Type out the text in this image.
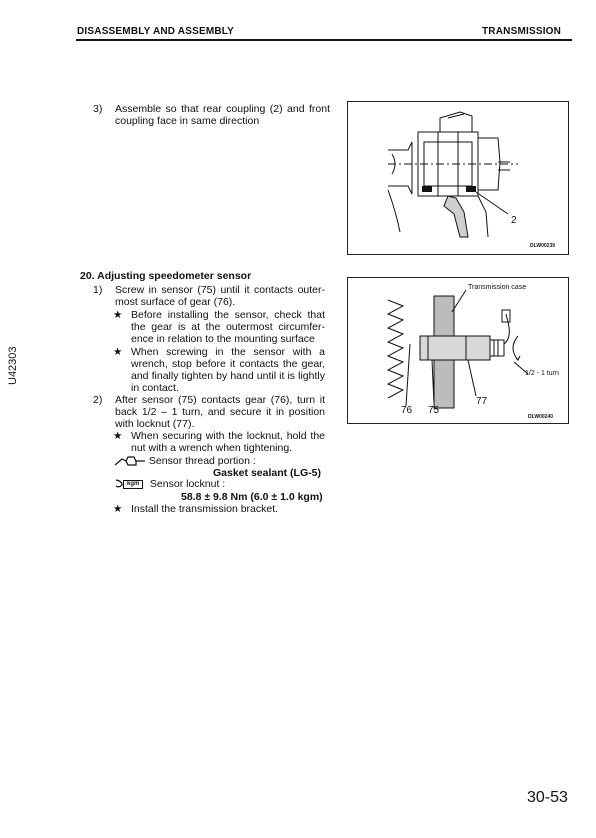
DISASSEMBLY AND ASSEMBLY	TRANSMISSION
U42303
3) Assemble so that rear coupling (2) and front coupling face in same direction
2
DLW00239
20. Adjusting speedometer sensor
1) Screw in sensor (75) until it contacts outer-most surface of gear (76).
★ Before installing the sensor, check that the gear is at the outermost circumfer-ence in relation to the mounting surface
★ When screwing in the sensor with a wrench, stop before it contacts the gear, and finally tighten by hand until it is lightly in contact.
2) After sensor (75) contacts gear (76), turn it back 1/2 – 1 turn, and secure it in position with locknut (77).
★ When securing with the locknut, hold the nut with a wrench when tightening.
Sensor thread portion :
Gasket sealant (LG-5)
kgm	Sensor locknut :
58.8 ± 9.8 Nm (6.0 ± 1.0 kgm)
★ Install the transmission bracket.
Transmission case
1/2 - 1 turn
76 75
77
DLW00240
30-53
